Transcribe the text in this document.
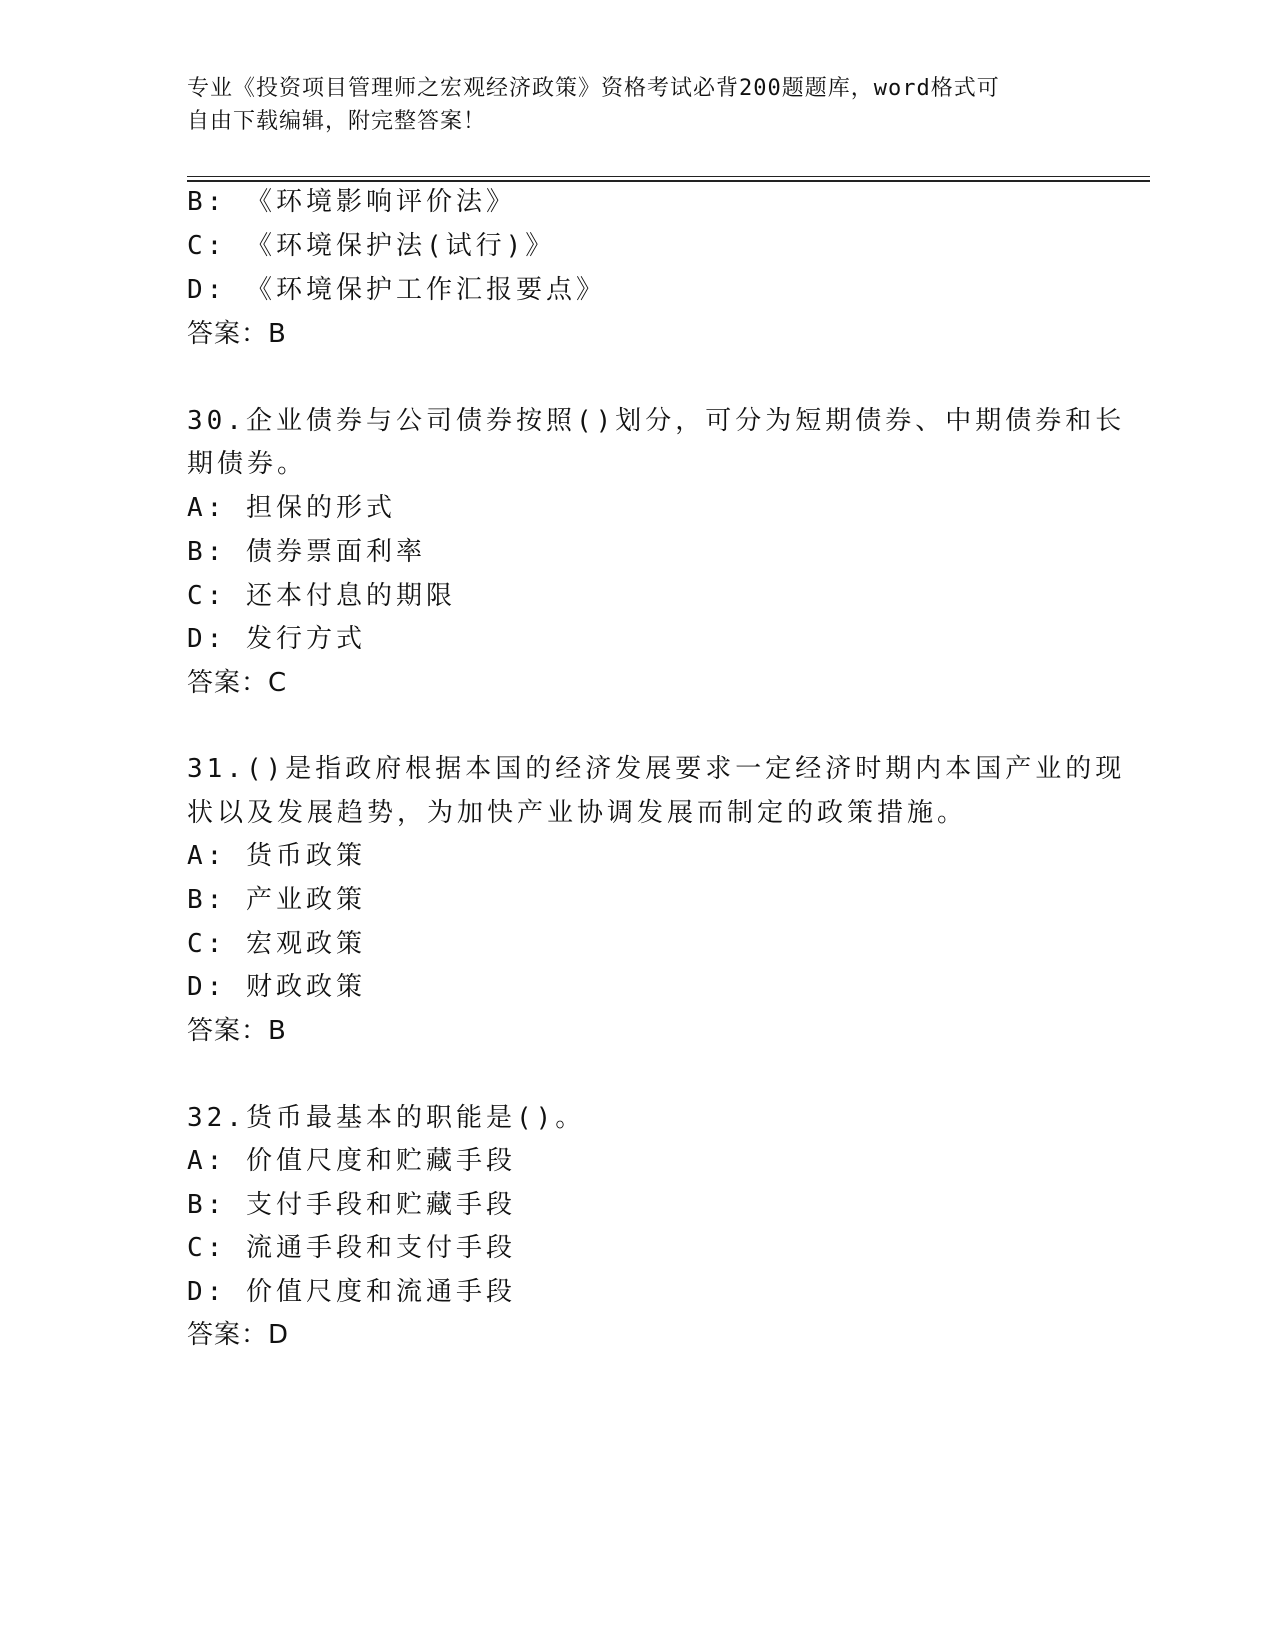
专业《投资项目管理师之宏观经济政策》资格考试必背200题题库，word格式可
自由下载编辑，附完整答案！
B: 《环境影响评价法》
C: 《环境保护法(试行)》
D: 《环境保护工作汇报要点》
答案：B
30.企业债券与公司债券按照()划分，可分为短期债券、中期债券和长
期债券。
A: 担保的形式
B: 债券票面利率
C: 还本付息的期限
D: 发行方式
答案：C
31.()是指政府根据本国的经济发展要求一定经济时期内本国产业的现
状以及发展趋势，为加快产业协调发展而制定的政策措施。
A: 货币政策
B: 产业政策
C: 宏观政策
D: 财政政策
答案：B
32.货币最基本的职能是()。
A: 价值尺度和贮藏手段
B: 支付手段和贮藏手段
C: 流通手段和支付手段
D: 价值尺度和流通手段
答案：D
